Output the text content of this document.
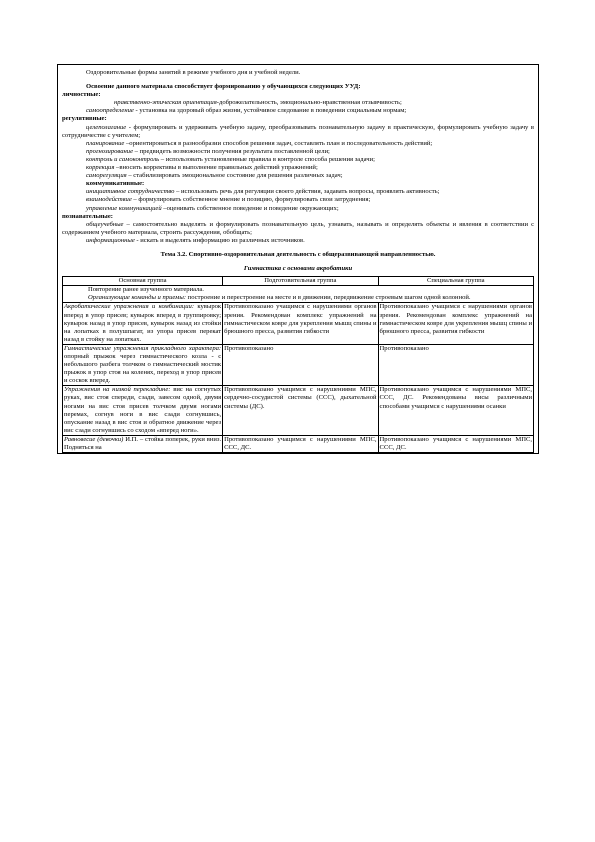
Оздоровительные формы занятий в режиме учебного дня и учебной недели.

Освоение данного материала способствует формированию у обучающихся следующих УУД:

личностные:

нравственно-этическая ориентация-доброжелательность, эмоционально-нравственная отзывчивость;

самоопределение - установка на здоровый образ жизни, устойчивое следование в поведении социальным нормам;

регулятивные:

целеполагание - формулировать и удерживать учебную задачу, преобразовывать познавательную задачу в практическую, формулировать учебную задачу в сотрудничестве с учителем;

планирование –ориентироваться в разнообразии способов решения задач, составлять план и последовательность действий;

прогнозирование – предвидеть возможности получения результата поставленной цели;

контроль и самоконтроль – использовать установленные правила в контроле способа решения задачи;

коррекция –вносить коррективы в выполнение правильных действий упражнений;

саморегуляция – стабилизировать эмоциональное состояние для решения различных задач;

коммуникативные:

инициативное сотрудничество – использовать речь для регуляции своего действия, задавать вопросы, проявлять активность;

взаимодействие – формулировать собственное мнение и позицию, формулировать свои затруднения;

управление коммуникацией –оценивать собственное поведение и поведение окружающих;

познавательные:

общеучебные – самостоятельно выделять и формулировать познавательную цель, узнавать, называть и определять объекты и явления в соответствии с содержанием учебного материала, строить рассуждения, обобщать;

информационные - искать и выделять информацию из различных источников.

Тема 3.2. Спортивно-оздоровительная деятельность с общеразвивающей направленностью.

Гимнастика с основами акробатики

Основная группа	Подготовительная группа	Специальная группа

Повторение ранее изученного материала.

Организующие команды и приемы: построение и перестроение на месте и в движении, передвижение строевым шагом одной колонной.		

Акробатические упражнения и комбинации: кувырок вперед в упор присев; кувырок вперед в группировку; кувырок назад в упор присев, кувырок назад из стойки на лопатках в полушпагат, из упора присев перекат назад в стойку на лопатках.	Противопоказано учащимся с нарушениями органов зрения. Рекомендован комплекс упражнений на гимнастическом ковре для укрепления мышц спины и брюшного пресса, развития гибкости	Противопоказано учащимся с нарушениями органов зрения. Рекомендован комплекс упражнений на гимнастическом ковре для укрепления мышц спины и брюшного пресса, развития гибкости
Гимнастические упражнения прикладного характера: опорный прыжок через гимнастического козла - с небольшого разбега толчком о гимнастический мостик прыжок в упор стоя на коленях, переход в упор присев и соскок вперед.	Противопоказано	Противопоказано
Упражнения на низкой перекладине: вис на согнутых руках, вис стоя спереди, сзади, завесом одной, двумя ногами на вис стоя присев толчком двумя ногами перемах, согнув ноги в вис сзади согнувшись, опускание назад в вис стоя и обратное движение через вис сзади согнувшись со сходом «вперед ноги».	Противопоказано учащимся с нарушениями МПС, сердечно-сосудистой системы (ССС), дыхательной системы (ДС).	Противопоказано учащимся с нарушениями МПС, ССС, ДС. Рекомендованы висы различными способами учащимся с нарушениями осанки
Равновесие (девочки) И.П. – стойка поперек, руки вниз. Подняться на	Противопоказано учащимся с нарушениями МПС, ССС, ДС.	Противопоказано учащимся с нарушениями МПС, ССС, ДС.
